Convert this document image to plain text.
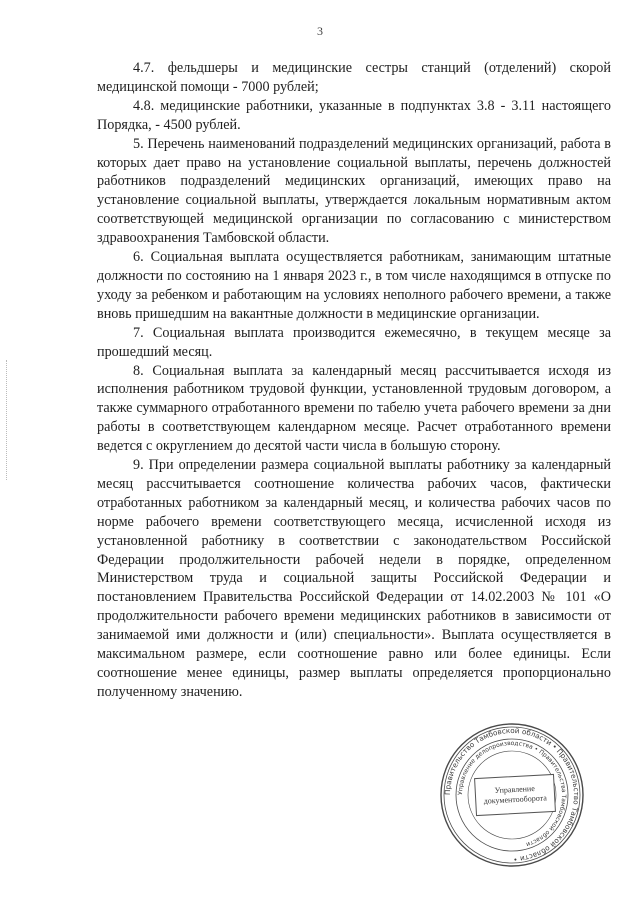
3

4.7. фельдшеры и медицинские сестры станций (отделений) скорой медицинской помощи - 7000 рублей;

4.8. медицинские работники, указанные в подпунктах 3.8 - 3.11 настоящего Порядка, - 4500 рублей.

5. Перечень наименований подразделений медицинских организаций, работа в которых дает право на установление социальной выплаты, перечень должностей работников подразделений медицинских организаций, имеющих право на установление социальной выплаты, утверждается локальным нормативным актом соответствующей медицинской организации по согласованию с министерством здравоохранения Тамбовской области.

6. Социальная выплата осуществляется работникам, занимающим штатные должности по состоянию на 1 января 2023 г., в том числе находящимся в отпуске по уходу за ребенком и работающим на условиях неполного рабочего времени, а также вновь пришедшим на вакантные должности в медицинские организации.

7. Социальная выплата производится ежемесячно, в текущем месяце за прошедший месяц.

8. Социальная выплата за календарный месяц рассчитывается исходя из исполнения работником трудовой функции, установленной трудовым договором, а также суммарного отработанного времени по табелю учета рабочего времени за дни работы в соответствующем календарном месяце. Расчет отработанного времени ведется с округлением до десятой части числа в большую сторону.

9. При определении размера социальной выплаты работнику за календарный месяц рассчитывается соотношение количества рабочих часов, фактически отработанных работником за календарный месяц, и количества рабочих часов по норме рабочего времени соответствующего месяца, исчисленной исходя из установленной работнику в соответствии с законодательством Российской Федерации продолжительности рабочей недели в порядке, определенном Министерством труда и социальной защиты Российской Федерации и постановлением Правительства Российской Федерации от 14.02.2003 № 101 «О продолжительности рабочего времени медицинских работников в зависимости от занимаемой ими должности и (или) специальности». Выплата осуществляется в максимальном размере, если соотношение равно или более единицы. Если соотношение менее единицы, размер выплаты определяется пропорционально полученному значению.

Правительство Тамбовской области • Правительство Тамбовской области •
Управление делопроизводства • Правительства Тамбовской области
Управление
документооборота
